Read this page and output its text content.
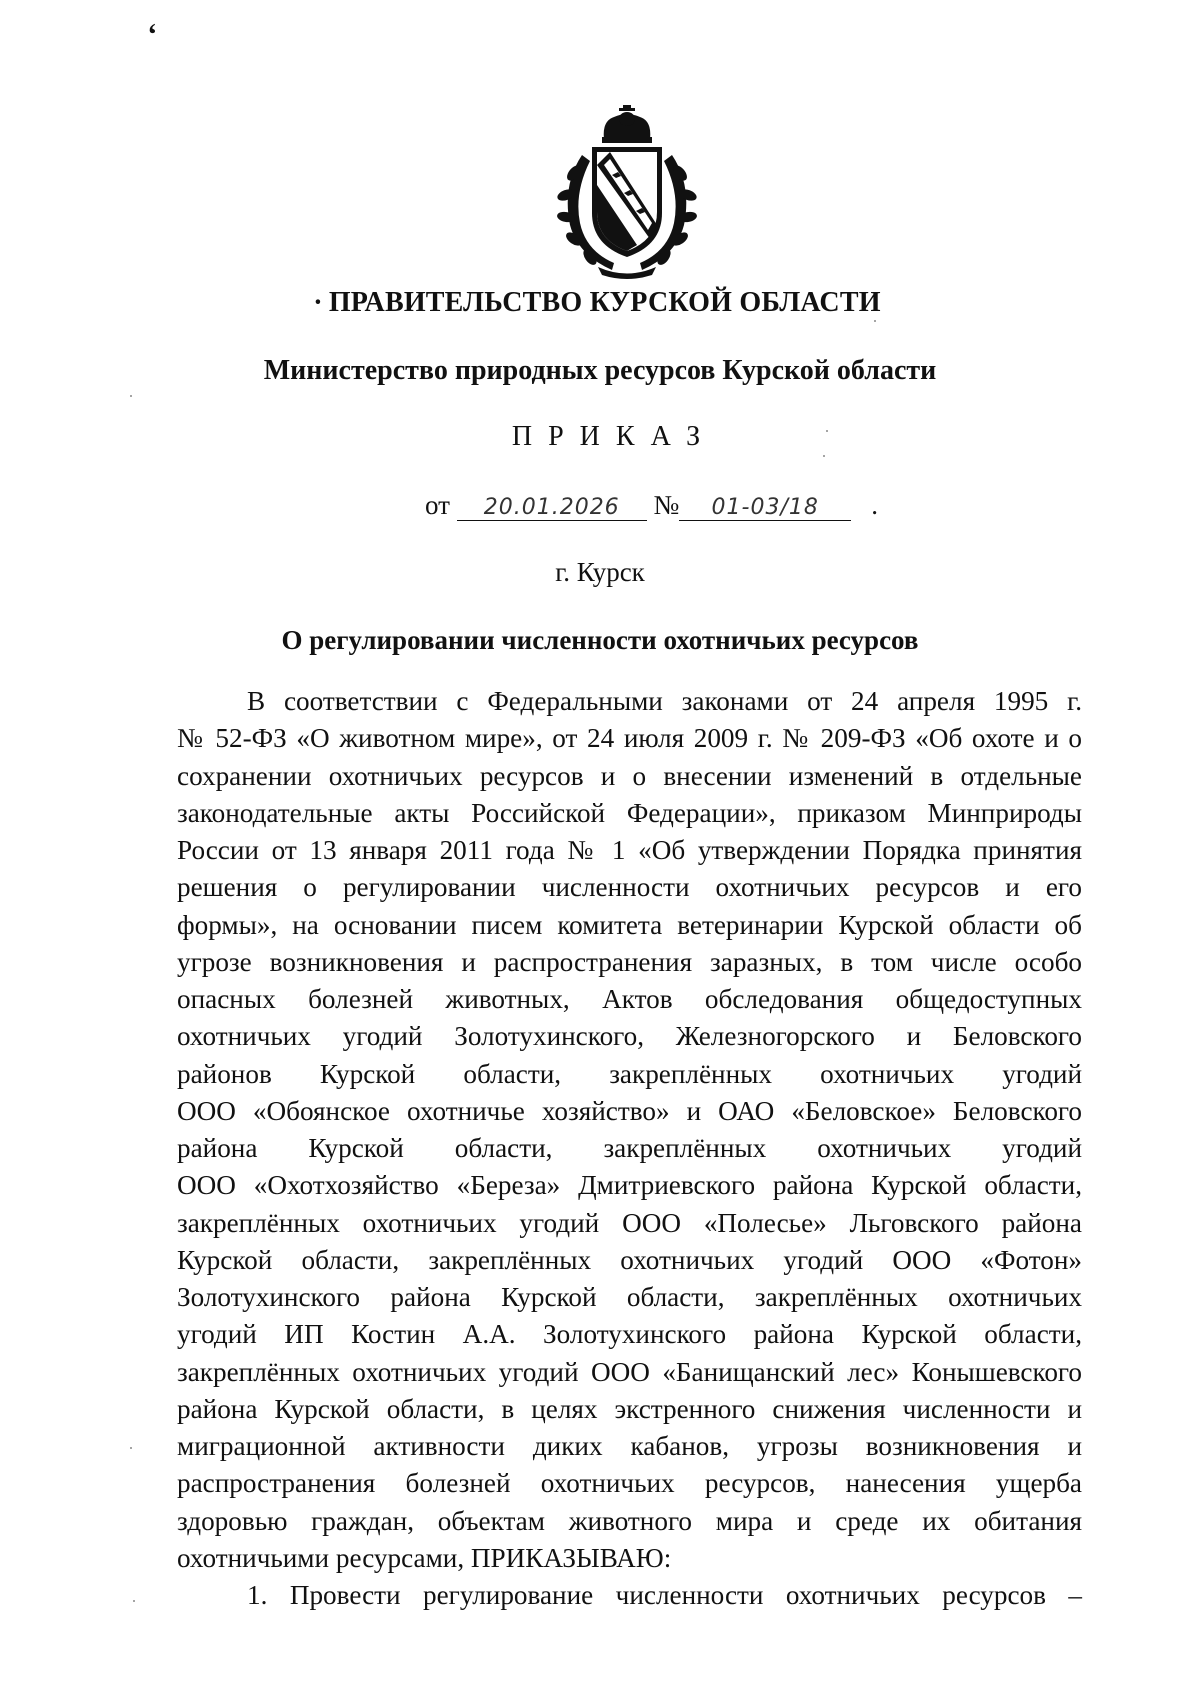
ʻ
· ПРАВИТЕЛЬСТВО КУРСКОЙ ОБЛАСТИ
Министерство природных ресурсов Курской области
ПРИКАЗ
от 20.01.2026 № 01-03/18 .
г. Курск
О регулировании численности охотничьих ресурсов
В соответствии с Федеральными законами от 24 апреля 1995 г.
№ 52-ФЗ «О животном мире», от 24 июля 2009 г. № 209-ФЗ «Об охоте и о
сохранении охотничьих ресурсов и о внесении изменений в отдельные
законодательные акты Российской Федерации», приказом Минприроды
России от 13 января 2011 года № 1 «Об утверждении Порядка принятия
решения о регулировании численности охотничьих ресурсов и его
формы», на основании писем комитета ветеринарии Курской области об
угрозе возникновения и распространения заразных, в том числе особо
опасных болезней животных, Актов обследования общедоступных
охотничьих угодий Золотухинского, Железногорского и Беловского
районов Курской области, закреплённых охотничьих угодий
ООО «Обоянское охотничье хозяйство» и ОАО «Беловское» Беловского
района Курской области, закреплённых охотничьих угодий
ООО «Охотхозяйство «Береза» Дмитриевского района Курской области,
закреплённых охотничьих угодий ООО «Полесье» Льговского района
Курской области, закреплённых охотничьих угодий ООО «Фотон»
Золотухинского района Курской области, закреплённых охотничьих
угодий ИП Костин А.А. Золотухинского района Курской области,
закреплённых охотничьих угодий ООО «Банищанский лес» Конышевского
района Курской области, в целях экстренного снижения численности и
миграционной активности диких кабанов, угрозы возникновения и
распространения болезней охотничьих ресурсов, нанесения ущерба
здоровью граждан, объектам животного мира и среде их обитания
охотничьими ресурсами, ПРИКАЗЫВАЮ:
1. Провести регулирование численности охотничьих ресурсов –
